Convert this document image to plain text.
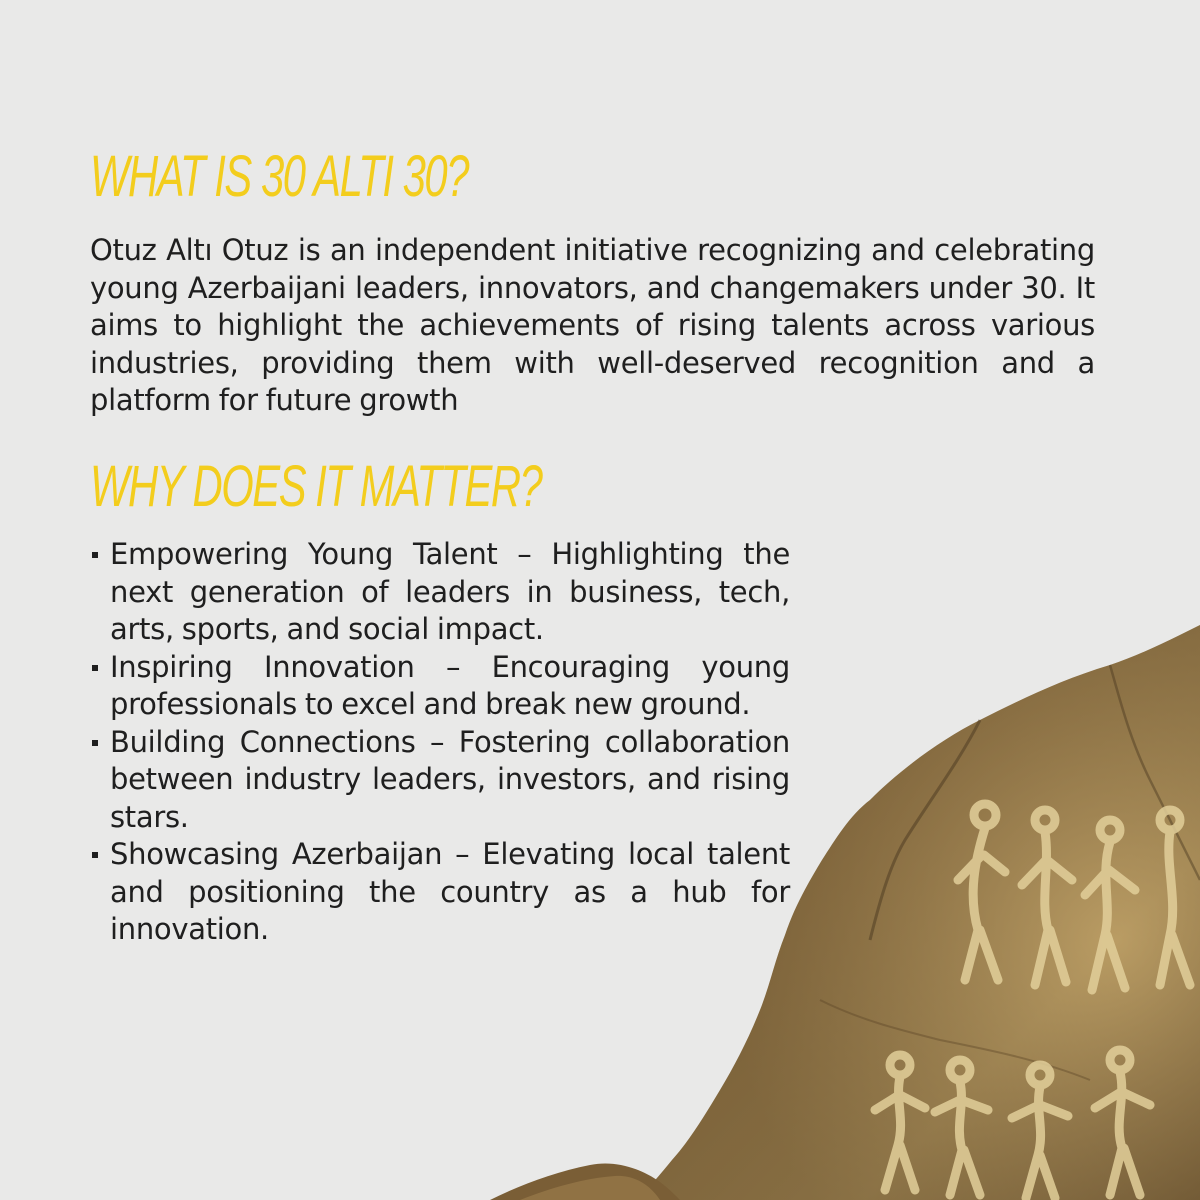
WHAT IS 30 ALTI 30?

Otuz Altı Otuz is an independent initiative recognizing and celebrating young Azerbaijani leaders, innovators, and changemakers under 30. It aims to highlight the achievements of rising talents across various industries, providing them with well-deserved recognition and a platform for future growth

WHY DOES IT MATTER?
Empowering Young Talent – Highlighting the next generation of leaders in business, tech, arts, sports, and social impact.
Inspiring Innovation – Encouraging young professionals to excel and break new ground.
Building Connections – Fostering collaboration between industry leaders, investors, and rising stars.
Showcasing Azerbaijan – Elevating local talent and positioning the country as a hub for innovation.
